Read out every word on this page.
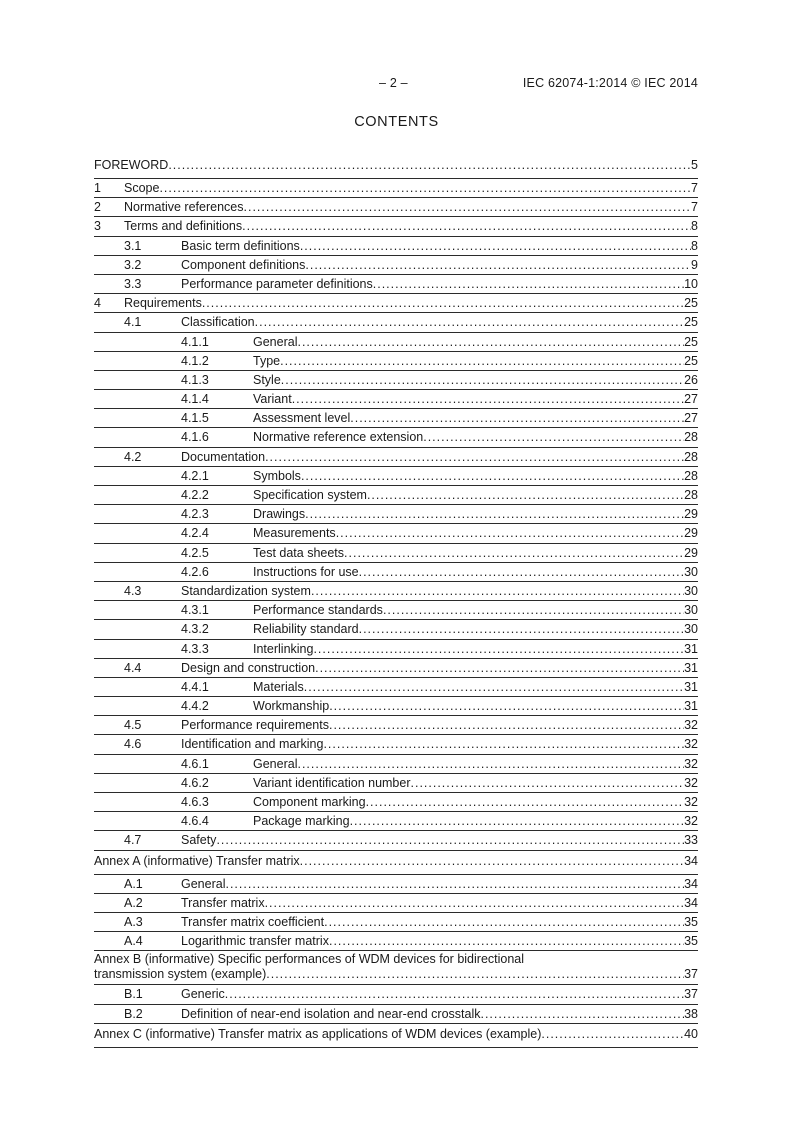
– 2 –	IEC 62074-1:2014 © IEC 2014
CONTENTS
FOREWORD .....	5
1 Scope .....	7
2 Normative references .....	7
3 Terms and definitions .....	8
3.1	Basic term definitions .....	8
3.2	Component definitions .....	9
3.3	Performance parameter definitions .....	10
4 Requirements .....	25
4.1	Classification .....	25
4.1.1	General .....	25
4.1.2	Type .....	25
4.1.3	Style .....	26
4.1.4	Variant .....	27
4.1.5	Assessment level .....	27
4.1.6	Normative reference extension .....	28
4.2	Documentation .....	28
4.2.1	Symbols .....	28
4.2.2	Specification system .....	28
4.2.3	Drawings .....	29
4.2.4	Measurements .....	29
4.2.5	Test data sheets .....	29
4.2.6	Instructions for use .....	30
4.3	Standardization system .....	30
4.3.1	Performance standards .....	30
4.3.2	Reliability standard .....	30
4.3.3	Interlinking .....	31
4.4	Design and construction .....	31
4.4.1	Materials .....	31
4.4.2	Workmanship .....	31
4.5	Performance requirements .....	32
4.6	Identification and marking .....	32
4.6.1	General .....	32
4.6.2	Variant identification number .....	32
4.6.3	Component marking .....	32
4.6.4	Package marking .....	32
4.7	Safety .....	33
Annex A (informative) Transfer matrix .....	34
A.1	General .....	34
A.2	Transfer matrix .....	34
A.3	Transfer matrix coefficient .....	35
A.4	Logarithmic transfer matrix .....	35
Annex B (informative) Specific performances of WDM devices for bidirectional
transmission system (example) .....	37
B.1	Generic .....	37
B.2	Definition of near-end isolation and near-end crosstalk .....	38
Annex C (informative) Transfer matrix as applications of WDM devices (example) .....	40
